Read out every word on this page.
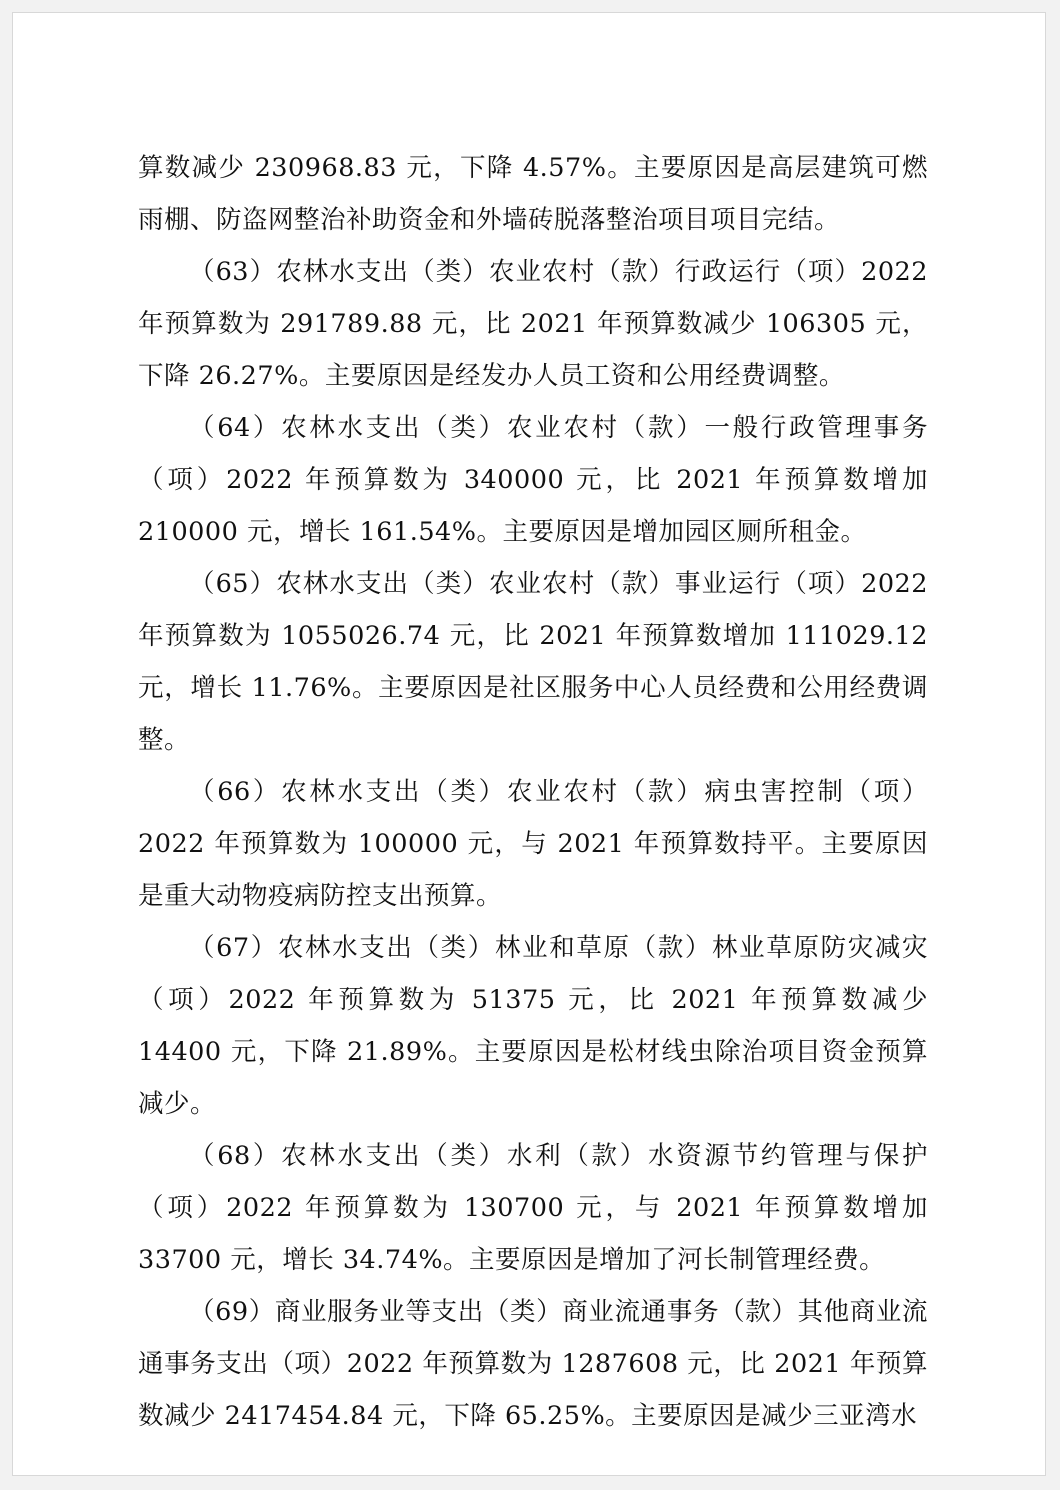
算数减少 230968.83 元，下降 4.57%。主要原因是高层建筑可燃雨棚、防盗网整治补助资金和外墙砖脱落整治项目项目完结。

（63）农林水支出（类）农业农村（款）行政运行（项）2022 年预算数为 291789.88 元，比 2021 年预算数减少 106305 元，下降 26.27%。主要原因是经发办人员工资和公用经费调整。

（64）农林水支出（类）农业农村（款）一般行政管理事务（项）2022 年预算数为 340000 元，比 2021 年预算数增加 210000 元，增长 161.54%。主要原因是增加园区厕所租金。

（65）农林水支出（类）农业农村（款）事业运行（项）2022 年预算数为 1055026.74 元，比 2021 年预算数增加 111029.12 元，增长 11.76%。主要原因是社区服务中心人员经费和公用经费调整。

（66）农林水支出（类）农业农村（款）病虫害控制（项）2022 年预算数为 100000 元，与 2021 年预算数持平。主要原因是重大动物疫病防控支出预算。

（67）农林水支出（类）林业和草原（款）林业草原防灾减灾（项）2022 年预算数为 51375 元，比 2021 年预算数减少 14400 元，下降 21.89%。主要原因是松材线虫除治项目资金预算减少。

（68）农林水支出（类）水利（款）水资源节约管理与保护（项）2022 年预算数为 130700 元，与 2021 年预算数增加 33700 元，增长 34.74%。主要原因是增加了河长制管理经费。

（69）商业服务业等支出（类）商业流通事务（款）其他商业流通事务支出（项）2022 年预算数为 1287608 元，比 2021 年预算数减少 2417454.84 元，下降 65.25%。主要原因是减少三亚湾水
